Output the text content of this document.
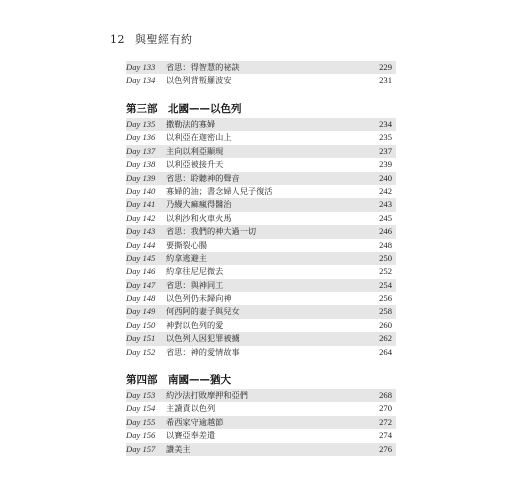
12 與聖經有約
Day 133	省思：得智慧的祕訣	229
Day 134	以色列背叛羅波安	231
第三部　北國——以色列
Day 135	撒勒法的寡婦	234
Day 136	以利亞在迦密山上	235
Day 137	主向以利亞顯現	237
Day 138	以利亞被接升天	239
Day 139	省思：聆聽神的聲音	240
Day 140	寡婦的油；書念婦人兒子復活	242
Day 141	乃縵大痲瘋得醫治	243
Day 142	以利沙和火車火馬	245
Day 143	省思：我們的神大過一切	246
Day 144	要撕裂心腸	248
Day 145	約拿逃避主	250
Day 146	約拿往尼尼微去	252
Day 147	省思：與神同工	254
Day 148	以色列仍未歸向神	256
Day 149	何西阿的妻子與兒女	258
Day 150	神對以色列的愛	260
Day 151	以色列人因犯罪被擄	262
Day 152	省思：神的愛情故事	264
第四部　南國——猶大
Day 153	約沙法打敗摩押和亞們	268
Day 154	主讀責以色列	270
Day 155	希西家守逾越節	272
Day 156	以賽亞奉差遣	274
Day 157	讚美主	276
